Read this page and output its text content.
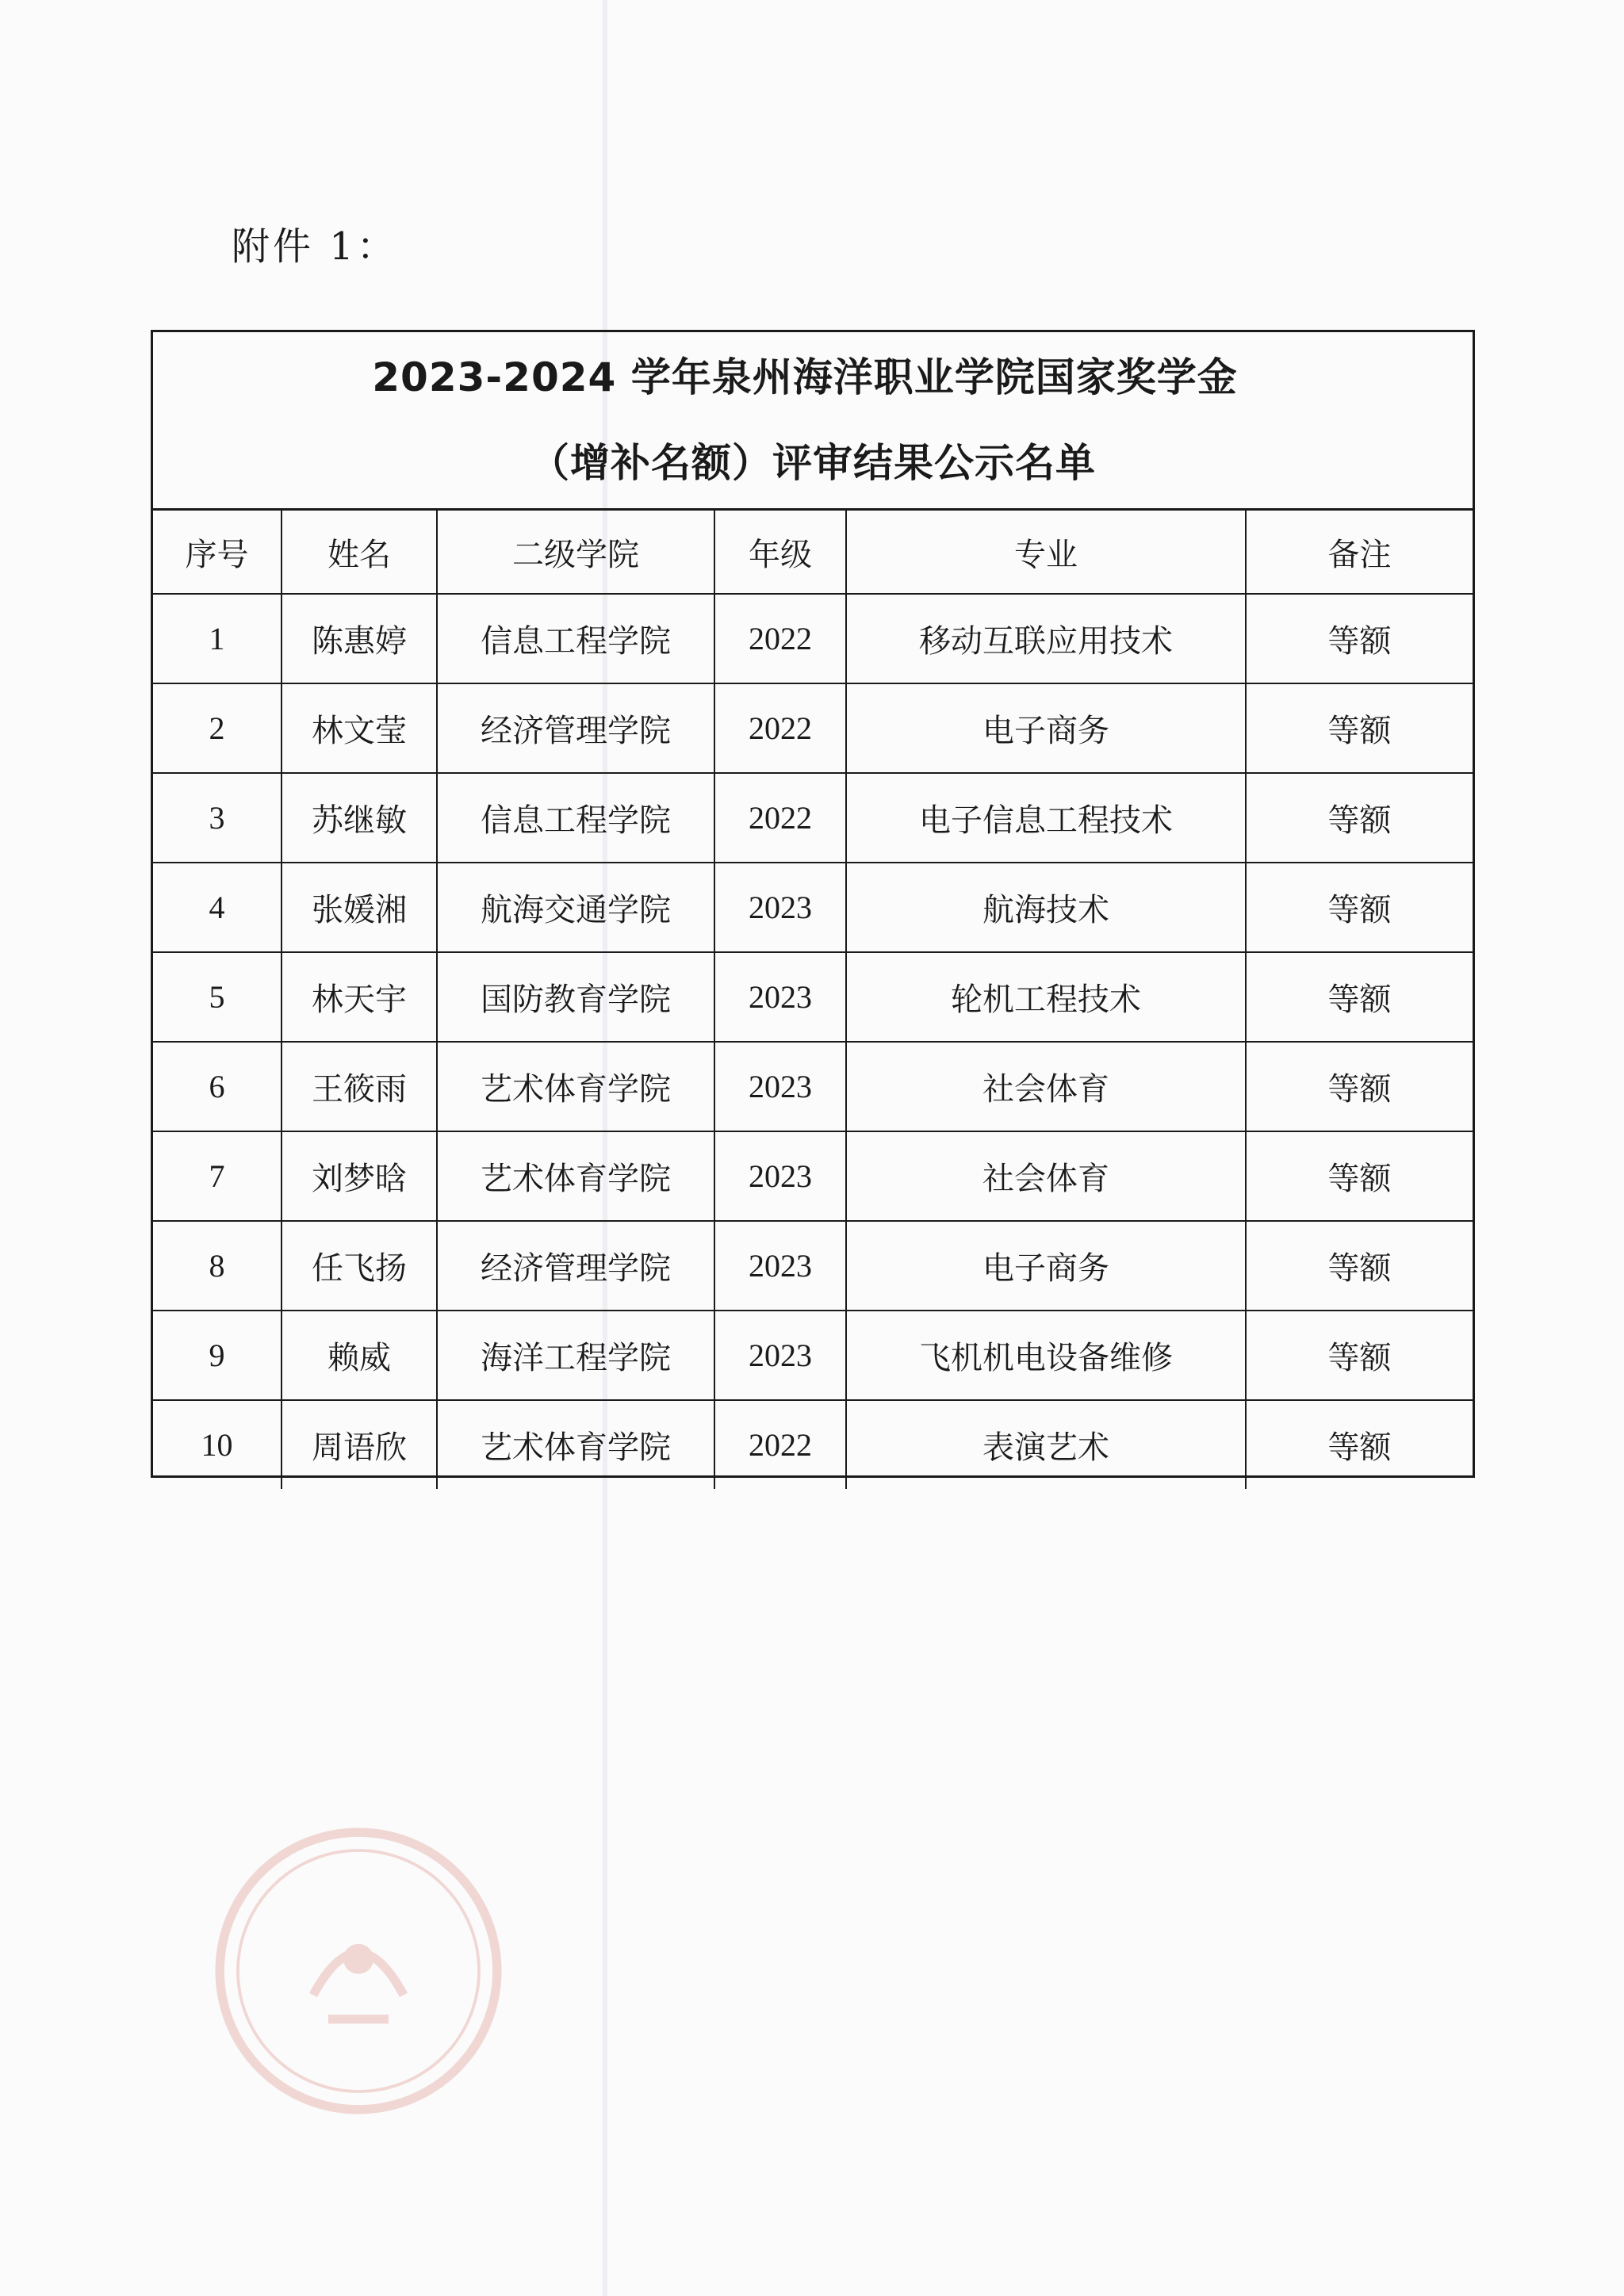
附件 1：
2023-2024 学年泉州海洋职业学院国家奖学金
（增补名额）评审结果公示名单
序号	姓名	二级学院	年级	专业	备注
1	陈惠婷	信息工程学院	2022	移动互联应用技术	等额
2	林文莹	经济管理学院	2022	电子商务	等额
3	苏继敏	信息工程学院	2022	电子信息工程技术	等额
4	张媛湘	航海交通学院	2023	航海技术	等额
5	林天宇	国防教育学院	2023	轮机工程技术	等额
6	王筱雨	艺术体育学院	2023	社会体育	等额
7	刘梦晗	艺术体育学院	2023	社会体育	等额
8	任飞扬	经济管理学院	2023	电子商务	等额
9	赖威	海洋工程学院	2023	飞机机电设备维修	等额
10	周语欣	艺术体育学院	2022	表演艺术	等额
